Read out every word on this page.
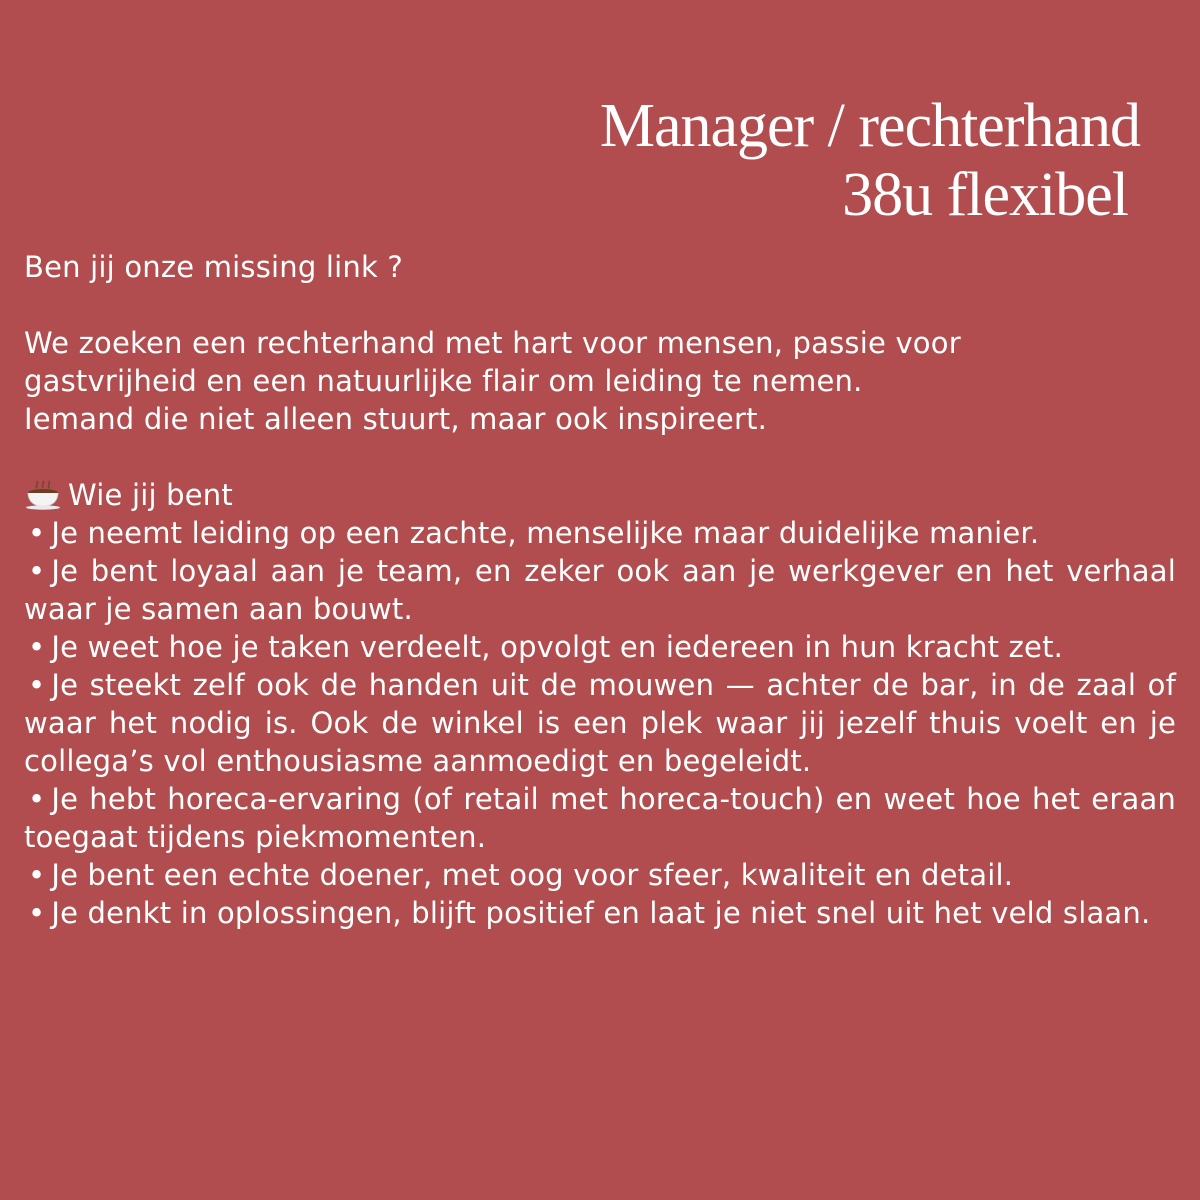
Manager / rechterhand
38u flexibel

Ben jij onze missing link ?

We zoeken een rechterhand met hart voor mensen, passie voor

gastvrijheid en een natuurlijke flair om leiding te nemen.

Iemand die niet alleen stuurt, maar ook inspireert.

Wie jij bent

• Je neemt leiding op een zachte, menselijke maar duidelijke manier.

• Je bent loyaal aan je team, en zeker ook aan je werkgever en het verhaal waar je samen aan bouwt.

• Je weet hoe je taken verdeelt, opvolgt en iedereen in hun kracht zet.

• Je steekt zelf ook de handen uit de mouwen — achter de bar, in de zaal of waar het nodig is. Ook de winkel is een plek waar jij jezelf thuis voelt en je collega’s vol enthousiasme aanmoedigt en begeleidt.

• Je hebt horeca-ervaring (of retail met horeca-touch) en weet hoe het eraan toegaat tijdens piekmomenten.

• Je bent een echte doener, met oog voor sfeer, kwaliteit en detail.

• Je denkt in oplossingen, blijft positief en laat je niet snel uit het veld slaan.
